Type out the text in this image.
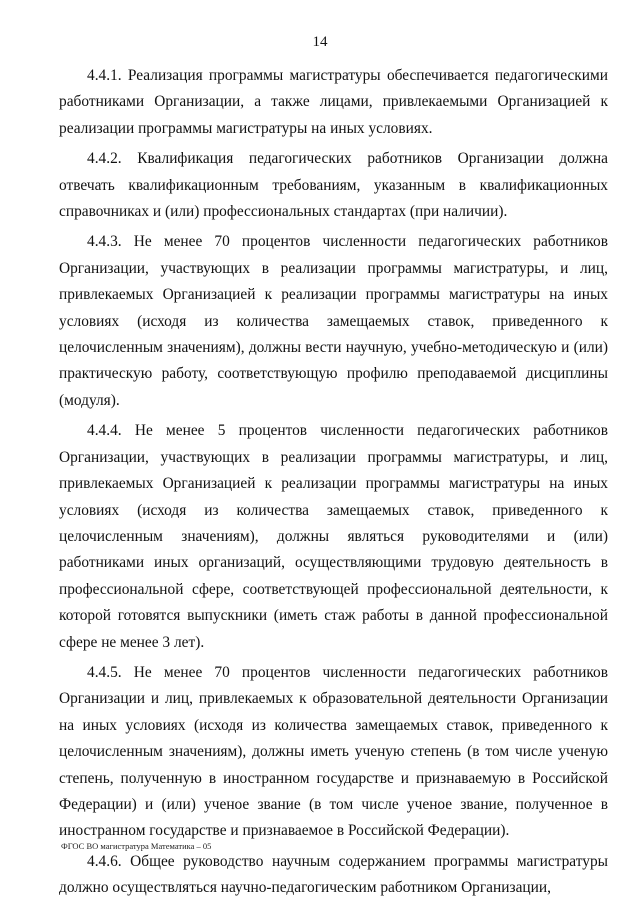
14

4.4.1. Реализация программы магистратуры обеспечивается педагогическими работниками Организации, а также лицами, привлекаемыми Организацией к реализации программы магистратуры на иных условиях.

4.4.2. Квалификация педагогических работников Организации должна отвечать квалификационным требованиям, указанным в квалификационных справочниках и (или) профессиональных стандартах (при наличии).

4.4.3. Не менее 70 процентов численности педагогических работников Организации, участвующих в реализации программы магистратуры, и лиц, привлекаемых Организацией к реализации программы магистратуры на иных условиях (исходя из количества замещаемых ставок, приведенного к целочисленным значениям), должны вести научную, учебно-методическую и (или) практическую работу, соответствующую профилю преподаваемой дисциплины (модуля).

4.4.4. Не менее 5 процентов численности педагогических работников Организации, участвующих в реализации программы магистратуры, и лиц, привлекаемых Организацией к реализации программы магистратуры на иных условиях (исходя из количества замещаемых ставок, приведенного к целочисленным значениям), должны являться руководителями и (или) работниками иных организаций, осуществляющими трудовую деятельность в профессиональной сфере, соответствующей профессиональной деятельности, к которой готовятся выпускники (иметь стаж работы в данной профессиональной сфере не менее 3 лет).

4.4.5. Не менее 70 процентов численности педагогических работников Организации и лиц, привлекаемых к образовательной деятельности Организации на иных условиях (исходя из количества замещаемых ставок, приведенного к целочисленным значениям), должны иметь ученую степень (в том числе ученую степень, полученную в иностранном государстве и признаваемую в Российской Федерации) и (или) ученое звание (в том числе ученое звание, полученное в иностранном государстве и признаваемое в Российской Федерации).

4.4.6. Общее руководство научным содержанием программы магистратуры должно осуществляться научно-педагогическим работником Организации,

ФГОС ВО магистратура Математика – 05
